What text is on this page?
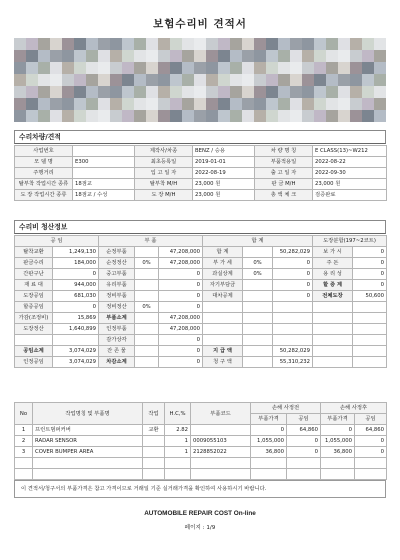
보험수리비 견적서
수리차량/견적
사업번호		제작사/차종	BENZ / 승용	차 량 명 칭	E CLASS(13)~W212
모 델 명	E300	최초등록일	2019-01-01	부품적용일	2022-08-22
주행거리		입 고 일 자	2022-08-19	출 고 일 자	2022-09-30
탈부착 작업시간 종류	18점교	탈부착 M/H	23,000 원	판 금 M/H	23,000 원
도 장 작업시간 종류	18점교 / 수성	도 장 M/H	23,000 원	총 액 체 크	검증완료
수리비 청산정보
공 임		부 품			합 계			도장분합(197~2코트)	
탈착교환	1,249,130	순정부품		47,208,000	합 계		50,282,029	보 가 시	0
판금수리	184,000	순정정산	0%	47,208,000	부 가 세	0%	0	주 돈	0
간판구난	0	중고부품		0	과실상계	0%	0	용 리 성	0
재 료 대	944,000	유리부품		0	자기부담금		0	할 증 계	0
도장공임	681,030	정비부품		0	대차공제		0	전체도장	50,600
할증공임	0	정비정산	0%	0					
가감(조정비)	15,869	부품소계		47,208,000					
도장정산	1,640,899	인정부품		47,208,000					
		감가상각		0					
공임소계	3,074,029	잔 존 물		0	지 급 액		50,282,029		
인정공임	3,074,029	차감소계		0	청 구 액		55,310,232		
No	작업명칭 및 부품명	작업	H.C,%	부품코드	손해 사정전		손해 사정후	
					부품가격	공임	부품가격	공임
1	프런트범퍼커버	교환	2.82		0	64,860	0	64,860
2	RADAR SENSOR		1	0009055103	1,055,000	0	1,055,000	0
3	COVER BUMPER AREA		1	2128852022	36,800	0	36,800	0

이 견적서/청구서의 부품가격은 참고 가격이므로 거래일 기준 실거래가격을 확인하여 사용하시기 바랍니다.
AUTOMOBILE REPAIR COST On-line
페이지 : 1/9
